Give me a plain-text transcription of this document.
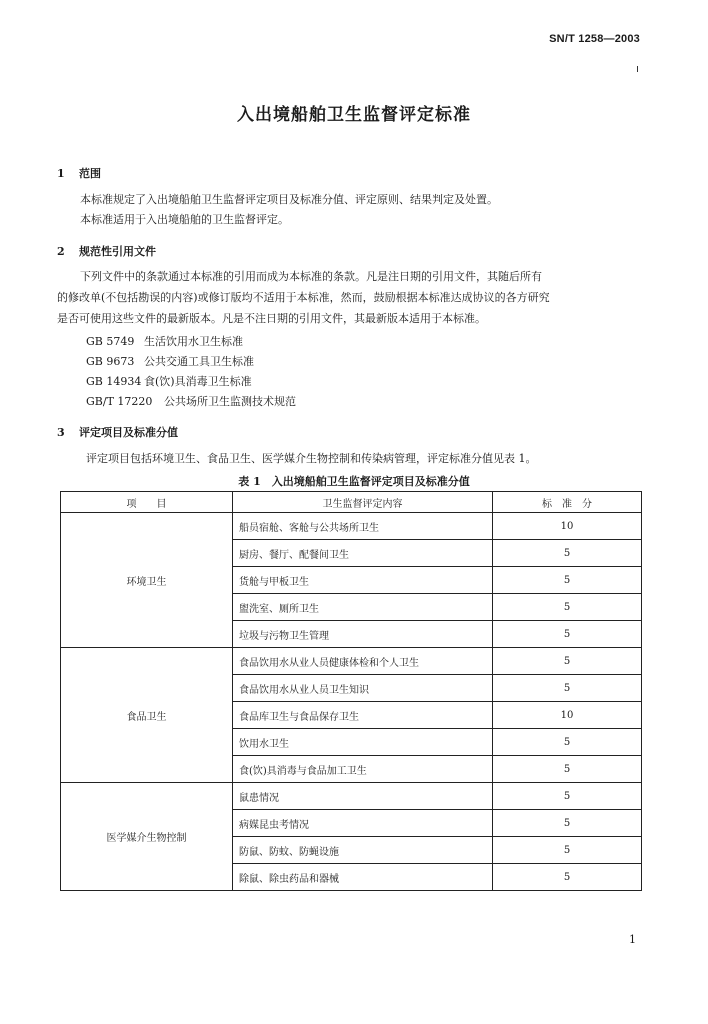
SN/T 1258—2003
入出境船舶卫生监督评定标准
1 范围
本标准规定了入出境船舶卫生监督评定项目及标准分值、评定原则、结果判定及处置。
本标准适用于入出境船舶的卫生监督评定。
2 规范性引用文件
下列文件中的条款通过本标准的引用而成为本标准的条款。凡是注日期的引用文件，其随后所有
的修改单(不包括勘误的内容)或修订版均不适用于本标准，然而，鼓励根据本标准达成协议的各方研究
是否可使用这些文件的最新版本。凡是不注日期的引用文件，其最新版本适用于本标准。
GB 5749 生活饮用水卫生标准
GB 9673 公共交通工具卫生标准
GB 14934 食(饮)具消毒卫生标准
GB/T 17220 公共场所卫生监测技术规范
3 评定项目及标准分值
评定项目包括环境卫生、食品卫生、医学媒介生物控制和传染病管理，评定标准分值见表 1。
表 1　入出境船舶卫生监督评定项目及标准分值
项　　目	卫生监督评定内容	标　准　分
环境卫生	船员宿舱、客舱与公共场所卫生	10
	厨房、餐厅、配餐间卫生	5
	货舱与甲板卫生	5
	盥洗室、厕所卫生	5
	垃圾与污物卫生管理	5
食品卫生	食品饮用水从业人员健康体检和个人卫生	5
	食品饮用水从业人员卫生知识	5
	食品库卫生与食品保存卫生	10
	饮用水卫生	5
	食(饮)具消毒与食品加工卫生	5
医学媒介生物控制	鼠患情况	5
	病媒昆虫考情况	5
	防鼠、防蚊、防蝇设施	5
	除鼠、除虫药品和器械	5
1
